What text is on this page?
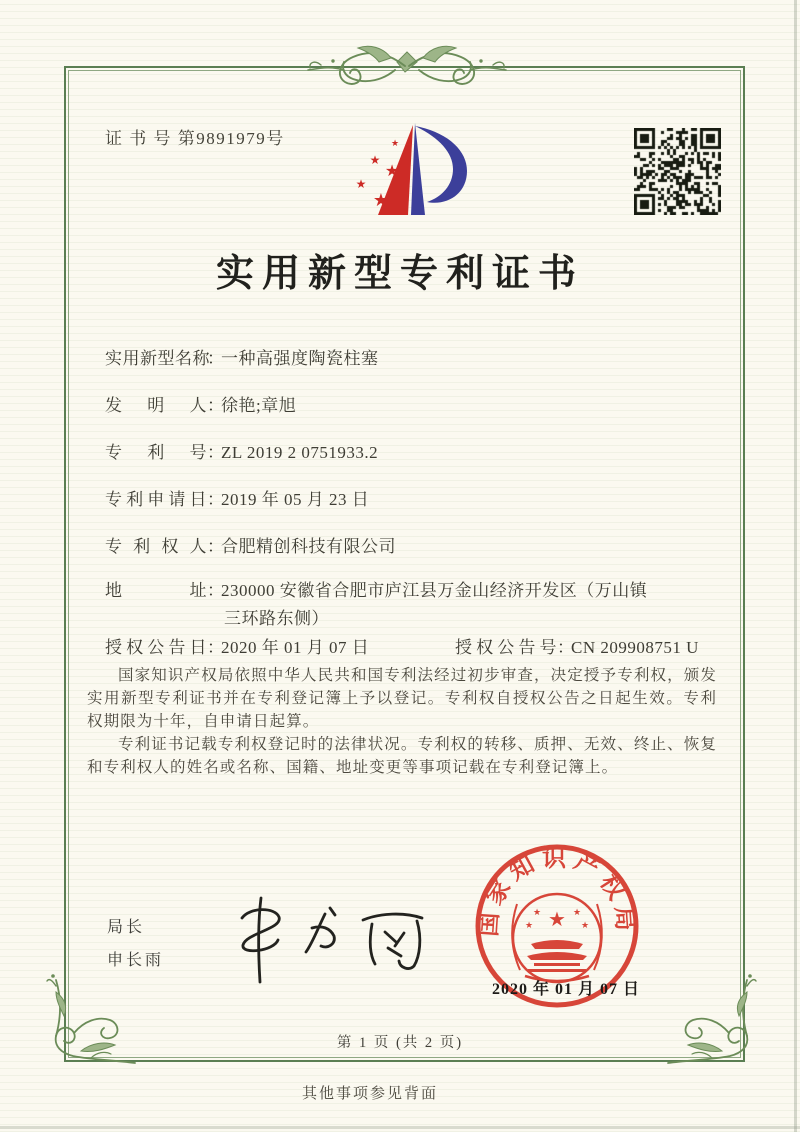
证 书 号 第9891979号	★
★
★
★
★
实用新型专利证书
实用新型名称：一种高强度陶瓷柱塞
发明人：徐艳;章旭
专利号：ZL 2019 2 0751933.2
专利申请日：2019 年 05 月 23 日
专利权人：合肥精创科技有限公司
地址：230000 安徽省合肥市庐江县万金山经济开发区（万山镇
三环路东侧）
授权公告日：2020 年 01 月 07 日	授权公告号：CN 209908751 U

国家知识产权局依照中华人民共和国专利法经过初步审查，决定授予专利权，颁发实用新型专利证书并在专利登记簿上予以登记。专利权自授权公告之日起生效。专利权期限为十年，自申请日起算。

专利证书记载专利权登记时的法律状况。专利权的转移、质押、无效、终止、恢复和专利权人的姓名或名称、国籍、地址变更等事项记载在专利登记簿上。

局长
申长雨
国家知识产权局
★
★	★
★	★
2020 年 01 月 07 日
第 1 页 (共 2 页)
其他事项参见背面
